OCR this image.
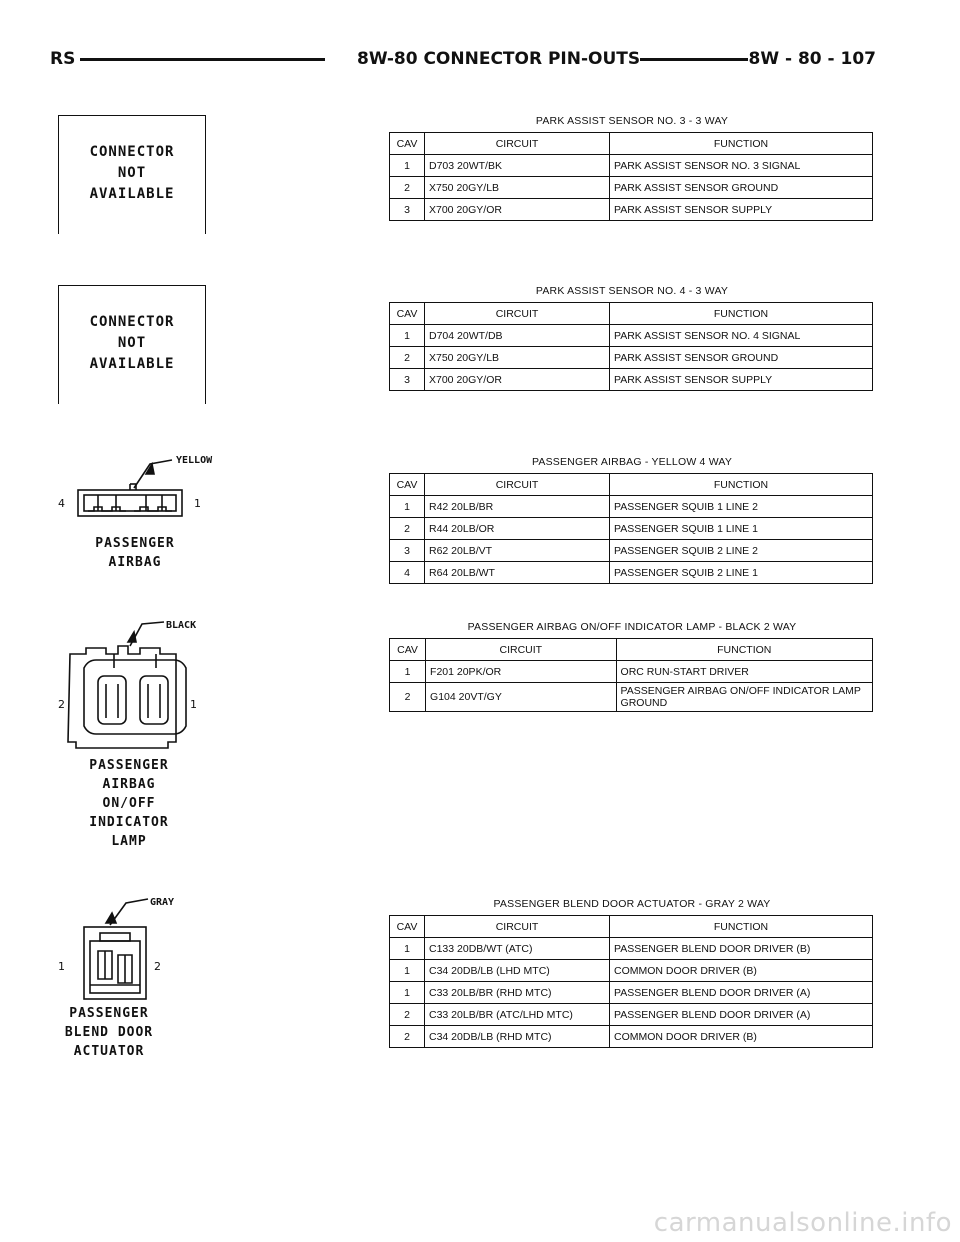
RS	8W-80 CONNECTOR PIN-OUTS	8W - 80 - 107
CONNECTOR
NOT
AVAILABLE
PARK ASSIST SENSOR NO. 3 - 3 WAY
CAV	CIRCUIT	FUNCTION
1	D703 20WT/BK	PARK ASSIST SENSOR NO. 3 SIGNAL
2	X750 20GY/LB	PARK ASSIST SENSOR GROUND
3	X700 20GY/OR	PARK ASSIST SENSOR SUPPLY
CONNECTOR
NOT
AVAILABLE
PARK ASSIST SENSOR NO. 4 - 3 WAY
CAV	CIRCUIT	FUNCTION
1	D704 20WT/DB	PARK ASSIST SENSOR NO. 4 SIGNAL
2	X750 20GY/LB	PARK ASSIST SENSOR GROUND
3	X700 20GY/OR	PARK ASSIST SENSOR SUPPLY
YELLOW
4	1
PASSENGER
AIRBAG
PASSENGER AIRBAG - YELLOW 4 WAY
CAV	CIRCUIT	FUNCTION
1	R42 20LB/BR	PASSENGER SQUIB 1 LINE 2
2	R44 20LB/OR	PASSENGER SQUIB 1 LINE 1
3	R62 20LB/VT	PASSENGER SQUIB 2 LINE 2
4	R64 20LB/WT	PASSENGER SQUIB 2 LINE 1
BLACK
2	1
PASSENGER
AIRBAG
ON/OFF
INDICATOR
LAMP
PASSENGER AIRBAG ON/OFF INDICATOR LAMP - BLACK 2 WAY
CAV	CIRCUIT	FUNCTION
1	F201 20PK/OR	ORC RUN-START DRIVER
2	G104 20VT/GY	PASSENGER AIRBAG ON/OFF INDICATOR LAMP GROUND
GRAY
1	2
PASSENGER
BLEND DOOR
ACTUATOR
PASSENGER BLEND DOOR ACTUATOR - GRAY 2 WAY
CAV	CIRCUIT	FUNCTION
1	C133 20DB/WT (ATC)	PASSENGER BLEND DOOR DRIVER (B)
1	C34 20DB/LB (LHD MTC)	COMMON DOOR DRIVER (B)
1	C33 20LB/BR (RHD MTC)	PASSENGER BLEND DOOR DRIVER (A)
2	C33 20LB/BR (ATC/LHD MTC)	PASSENGER BLEND DOOR DRIVER (A)
2	C34 20DB/LB (RHD MTC)	COMMON DOOR DRIVER (B)
carmanualsonline.info
